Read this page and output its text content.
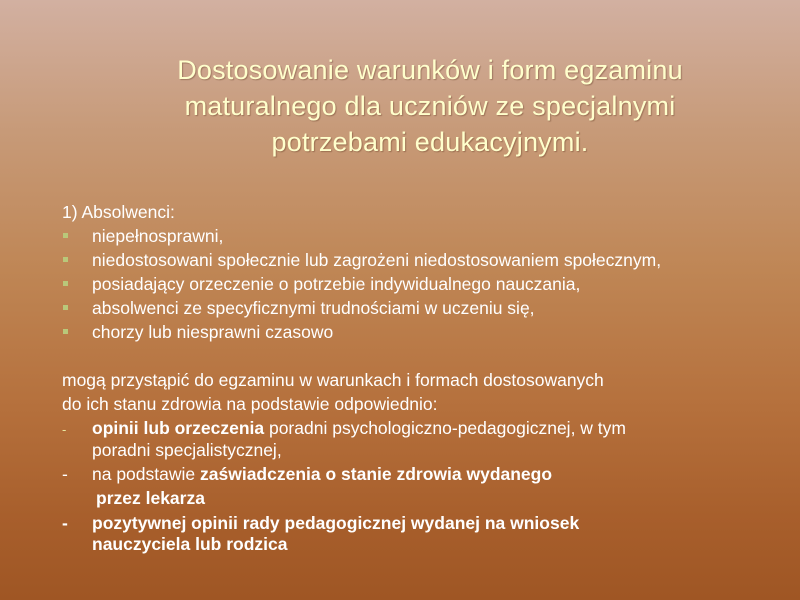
Dostosowanie warunków i form egzaminu maturalnego dla uczniów ze specjalnymi potrzebami edukacyjnymi.

1) Absolwenci:

niepełnosprawni,
niedostosowani społecznie lub zagrożeni niedostosowaniem społecznym,
posiadający orzeczenie o potrzebie indywidualnego nauczania,
absolwenci ze specyficznymi trudnościami w uczeniu się,
chorzy lub niesprawni czasowo

mogą przystąpić do egzaminu w warunkach i formach dostosowanych

do ich stanu zdrowia na podstawie odpowiednio:

- opinii lub orzeczenia poradni psychologiczno-pedagogicznej, w tym
poradni specjalistycznej,

- na podstawie zaświadczenia o stanie zdrowia wydanego

przez lekarza

- pozytywnej opinii rady pedagogicznej wydanej na wniosek
nauczyciela lub rodzica
